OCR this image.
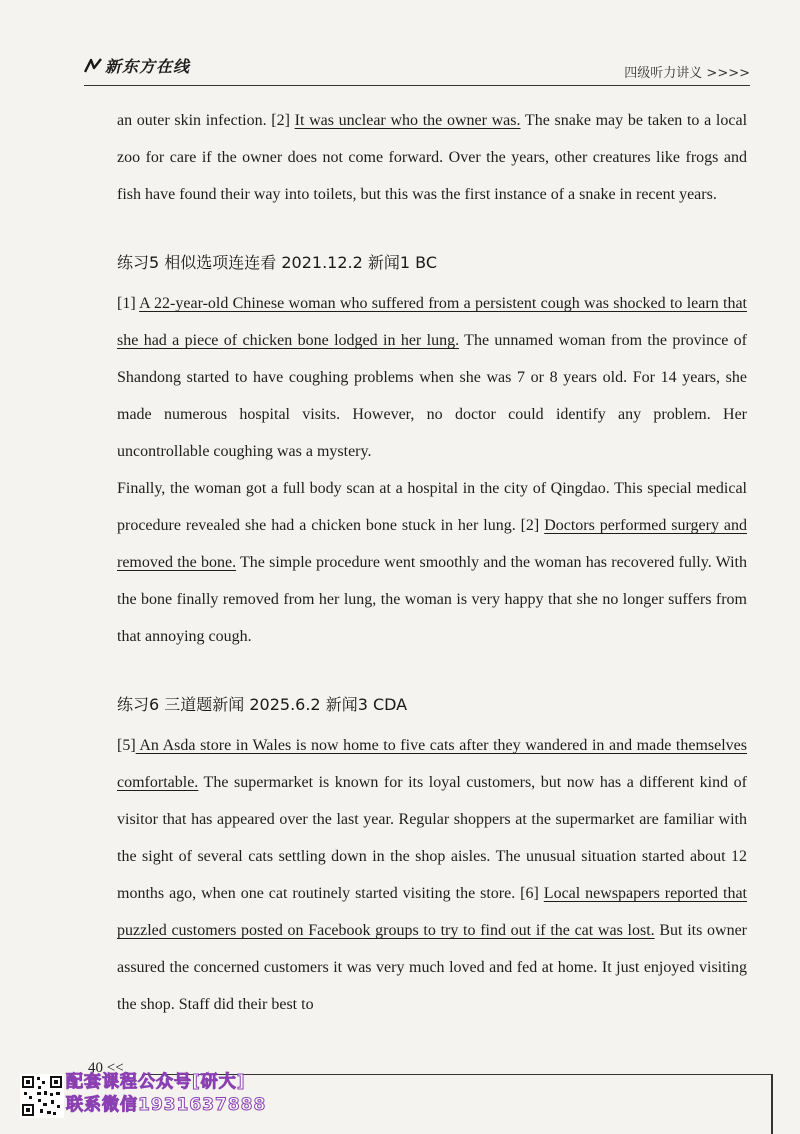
新东方在线	四级听力讲义 >>>>

an outer skin infection. [2] It was unclear who the owner was. The snake may be taken to a local zoo for care if the owner does not come forward. Over the years, other creatures like frogs and fish have found their way into toilets, but this was the first instance of a snake in recent years.

练习5 相似选项连连看 2021.12.2 新闻1 BC

[1] A 22-year-old Chinese woman who suffered from a persistent cough was shocked to learn that she had a piece of chicken bone lodged in her lung. The unnamed woman from the province of Shandong started to have coughing problems when she was 7 or 8 years old. For 14 years, she made numerous hospital visits. However, no doctor could identify any problem. Her uncontrollable coughing was a mystery.

Finally, the woman got a full body scan at a hospital in the city of Qingdao. This special medical procedure revealed she had a chicken bone stuck in her lung. [2] Doctors performed surgery and removed the bone. The simple procedure went smoothly and the woman has recovered fully. With the bone finally removed from her lung, the woman is very happy that she no longer suffers from that annoying cough.

练习6 三道题新闻 2025.6.2 新闻3 CDA

[5] An Asda store in Wales is now home to five cats after they wandered in and made themselves comfortable. The supermarket is known for its loyal customers, but now has a different kind of visitor that has appeared over the last year. Regular shoppers at the supermarket are familiar with the sight of several cats settling down in the shop aisles. The unusual situation started about 12 months ago, when one cat routinely started visiting the store. [6] Local newspapers reported that puzzled customers posted on Facebook groups to try to find out if the cat was lost. But its owner assured the concerned customers it was very much loved and fed at home. It just enjoyed visiting the shop. Staff did their best to

40 <<
配套课程公众号[研大]
联系微信1931637888
